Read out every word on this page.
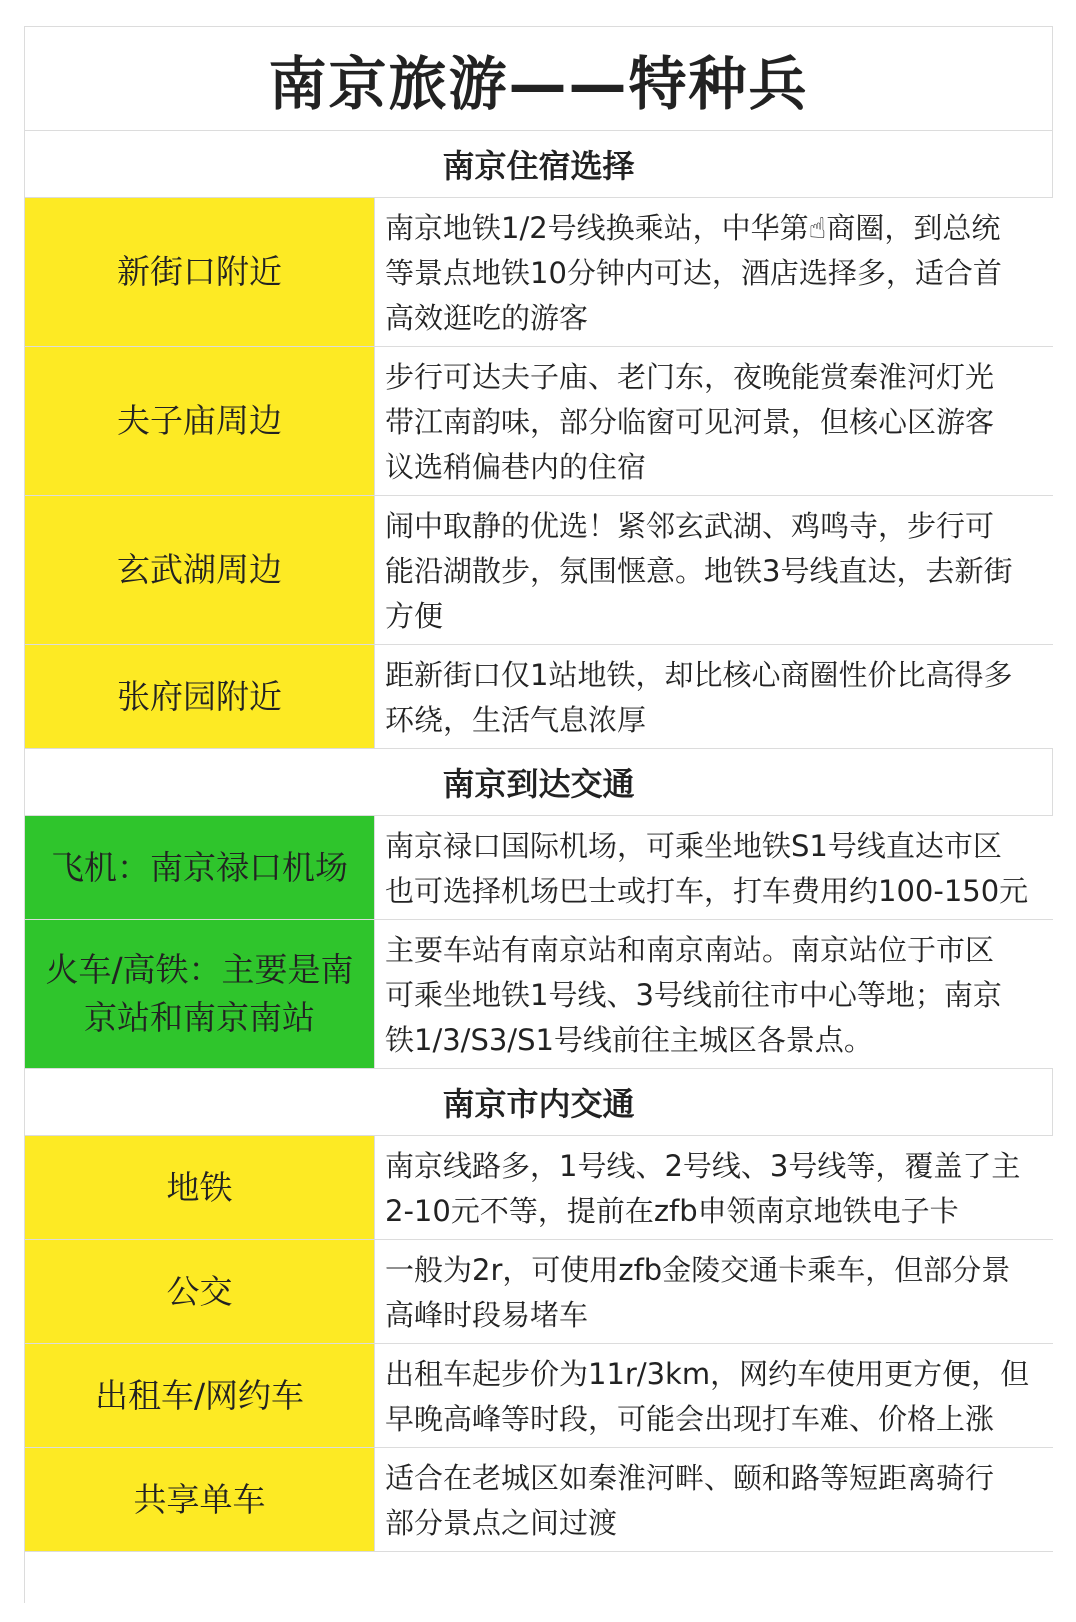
南京旅游——特种兵
南京住宿选择
新街口附近
南京地铁1/2号线换乘站，中华第☝商圈，到总统
等景点地铁10分钟内可达，酒店选择多，适合首
高效逛吃的游客
夫子庙周边
步行可达夫子庙、老门东，夜晚能赏秦淮河灯光
带江南韵味，部分临窗可见河景，但核心区游客
议选稍偏巷内的住宿
玄武湖周边
闹中取静的优选！紧邻玄武湖、鸡鸣寺，步行可
能沿湖散步，氛围惬意。地铁3号线直达，去新街
方便
张府园附近
距新街口仅1站地铁，却比核心商圈性价比高得多
环绕，生活气息浓厚
南京到达交通
飞机：南京禄口机场
南京禄口国际机场，可乘坐地铁S1号线直达市区
也可选择机场巴士或打车，打车费用约100-150元
火车/高铁：主要是南京站和南京南站
主要车站有南京站和南京南站。南京站位于市区
可乘坐地铁1号线、3号线前往市中心等地；南京
铁1/3/S3/S1号线前往主城区各景点。
南京市内交通
地铁
南京线路多，1号线、2号线、3号线等，覆盖了主
2-10元不等，提前在zfb申领南京地铁电子卡
公交
一般为2r，可使用zfb金陵交通卡乘车，但部分景
高峰时段易堵车
出租车/网约车
出租车起步价为11r/3km，网约车使用更方便，但
早晚高峰等时段，可能会出现打车难、价格上涨
共享单车
适合在老城区如秦淮河畔、颐和路等短距离骑行
部分景点之间过渡
